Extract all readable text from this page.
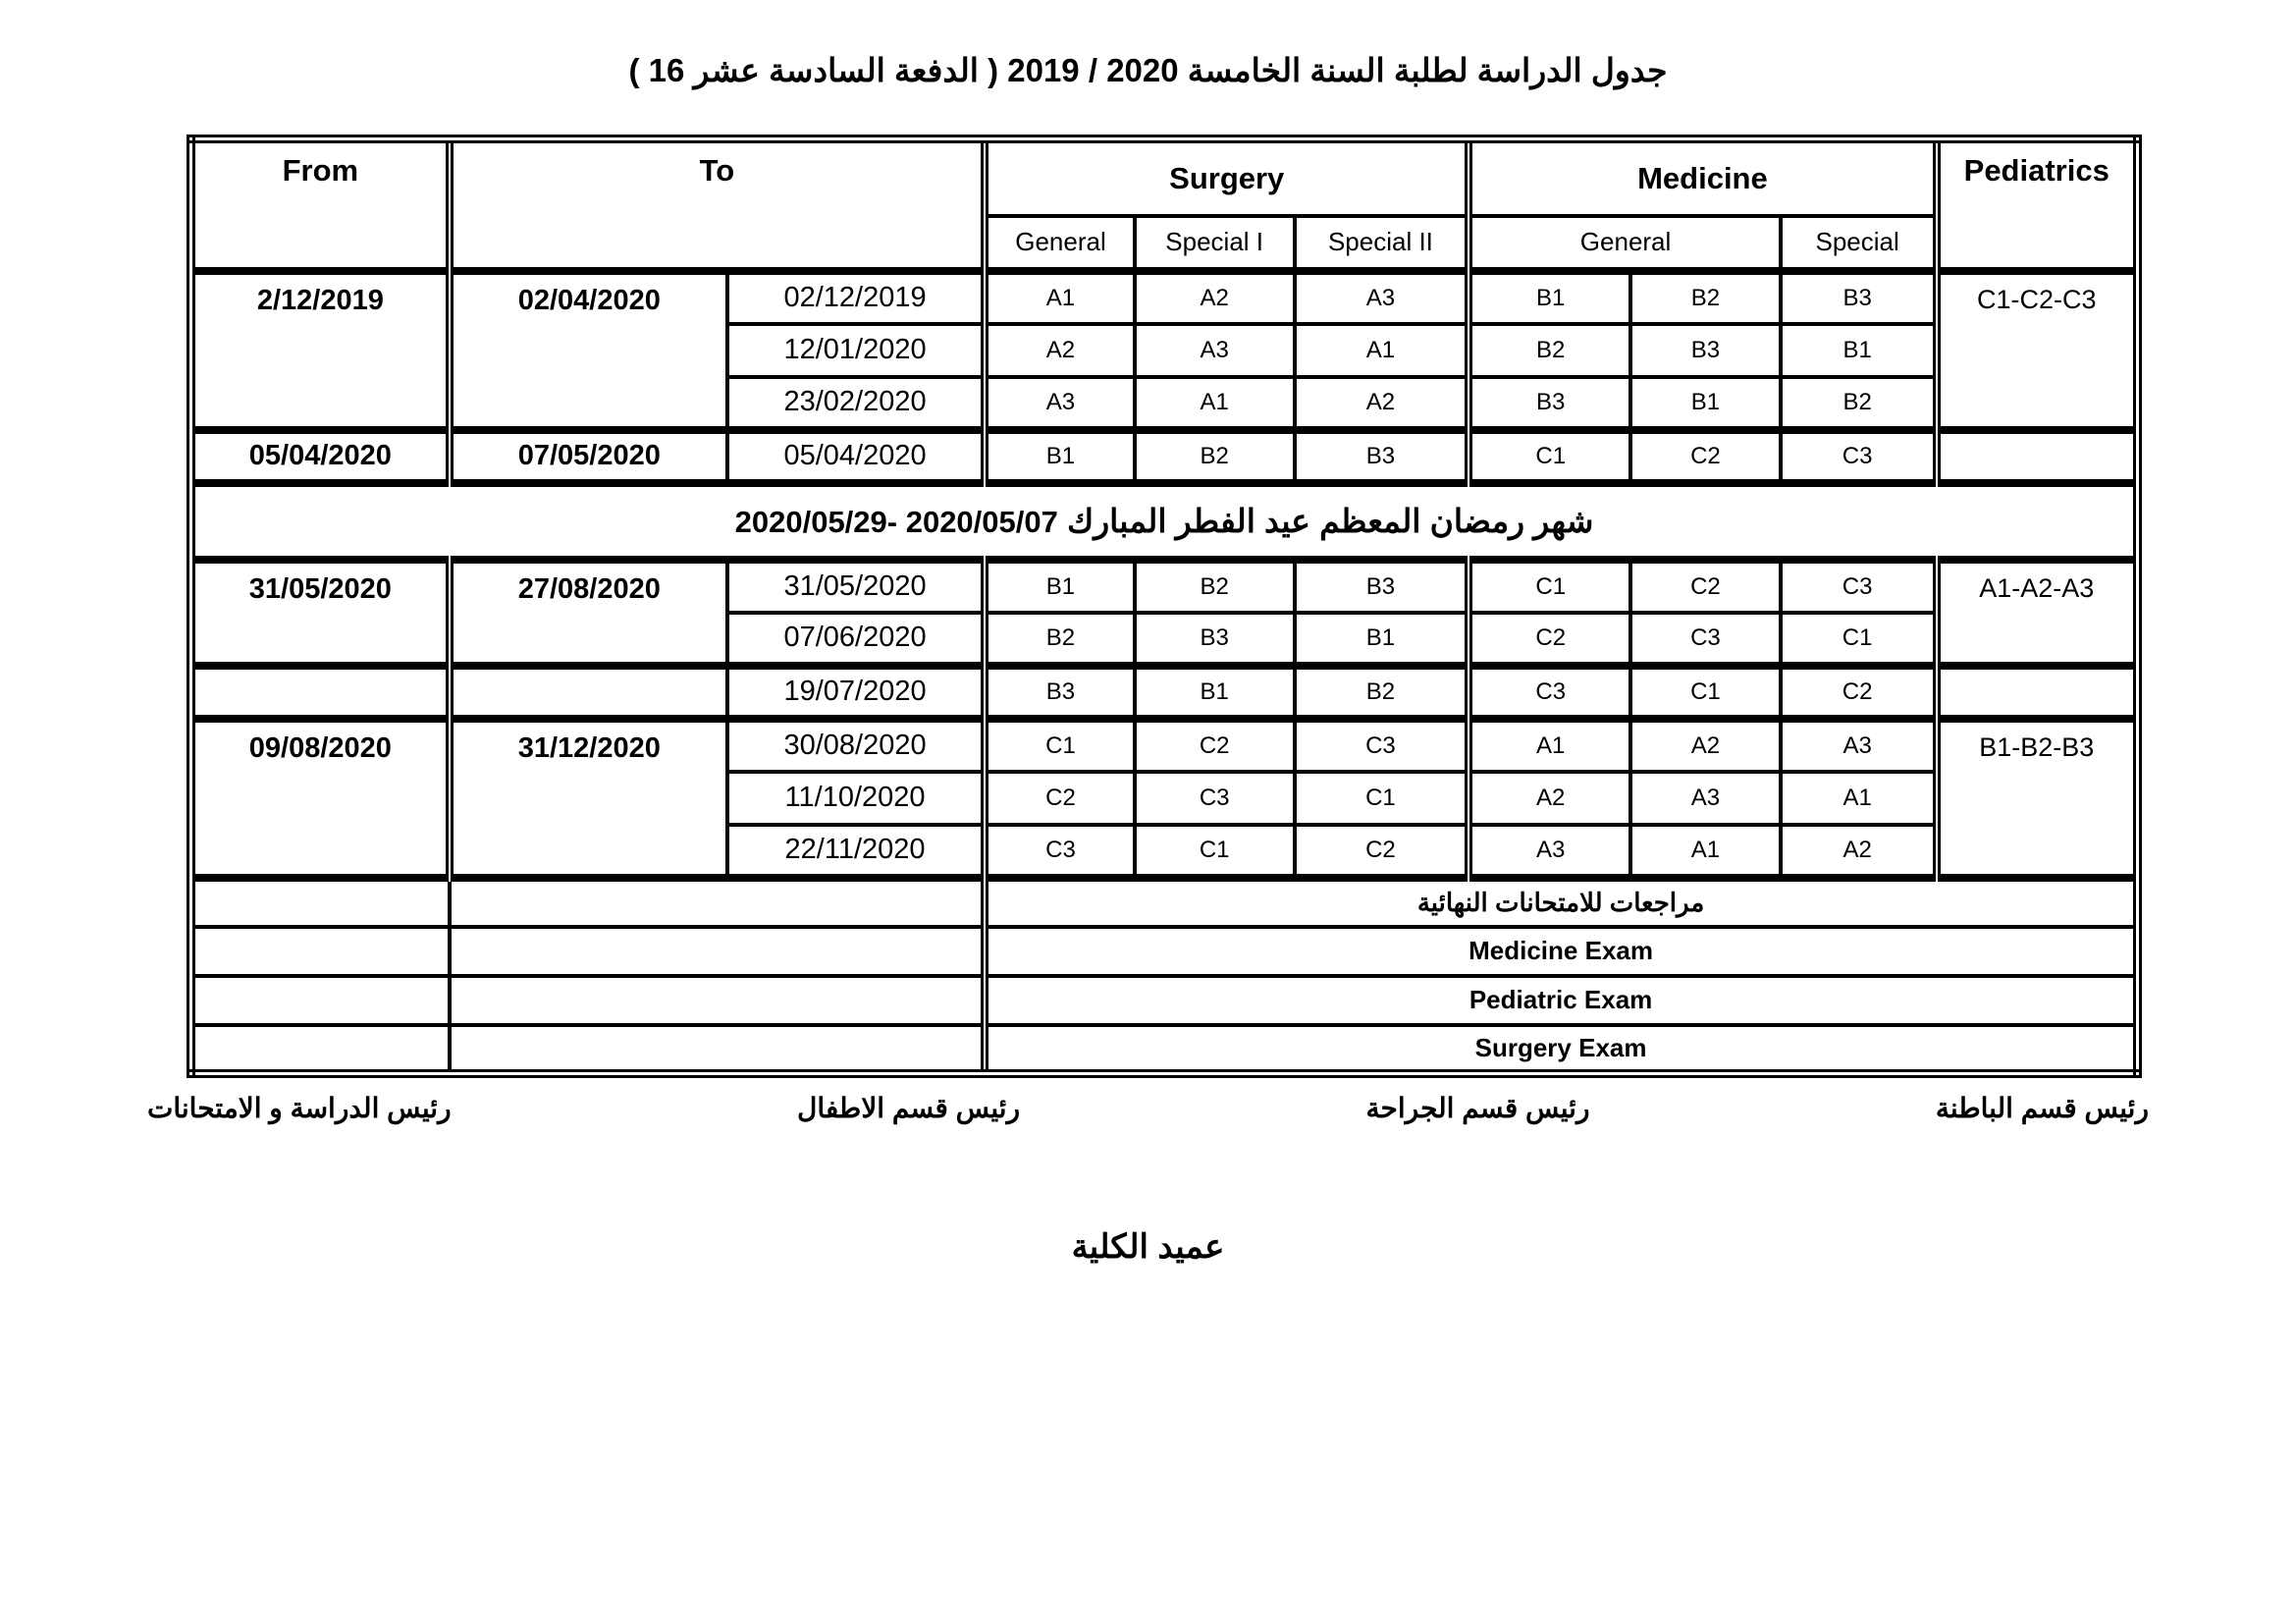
جدول الدراسة لطلبة السنة الخامسة 2020 / 2019 ( الدفعة السادسة عشر 16 )
From	To		Surgery			Medicine			Pediatrics
			General	Special I	Special II	General		Special	
2/12/2019	02/04/2020	02/12/2019	A1	A2	A3	B1	B2	B3	C1-C2-C3
		12/01/2020	A2	A3	A1	B2	B3	B1	
		23/02/2020	A3	A1	A2	B3	B1	B2	
05/04/2020	07/05/2020	05/04/2020	B1	B2	B3	C1	C2	C3	
شهر رمضان المعظم عيد الفطر المبارك 2020/05/29- 2020/05/07									
31/05/2020	27/08/2020	31/05/2020	B1	B2	B3	C1	C2	C3	A1-A2-A3
		07/06/2020	B2	B3	B1	C2	C3	C1	
		19/07/2020	B3	B1	B2	C3	C1	C2	
09/08/2020	31/12/2020	30/08/2020	C1	C2	C3	A1	A2	A3	B1-B2-B3
		11/10/2020	C2	C3	C1	A2	A3	A1	
		22/11/2020	C3	C1	C2	A3	A1	A2	
			مراجعات للامتحانات النهائية						
			Medicine Exam						
			Pediatric Exam						
			Surgery Exam						
رئيس الدراسة و الامتحانات	رئيس قسم الاطفال	رئيس قسم الجراحة	رئيس قسم الباطنة
عميد الكلية
